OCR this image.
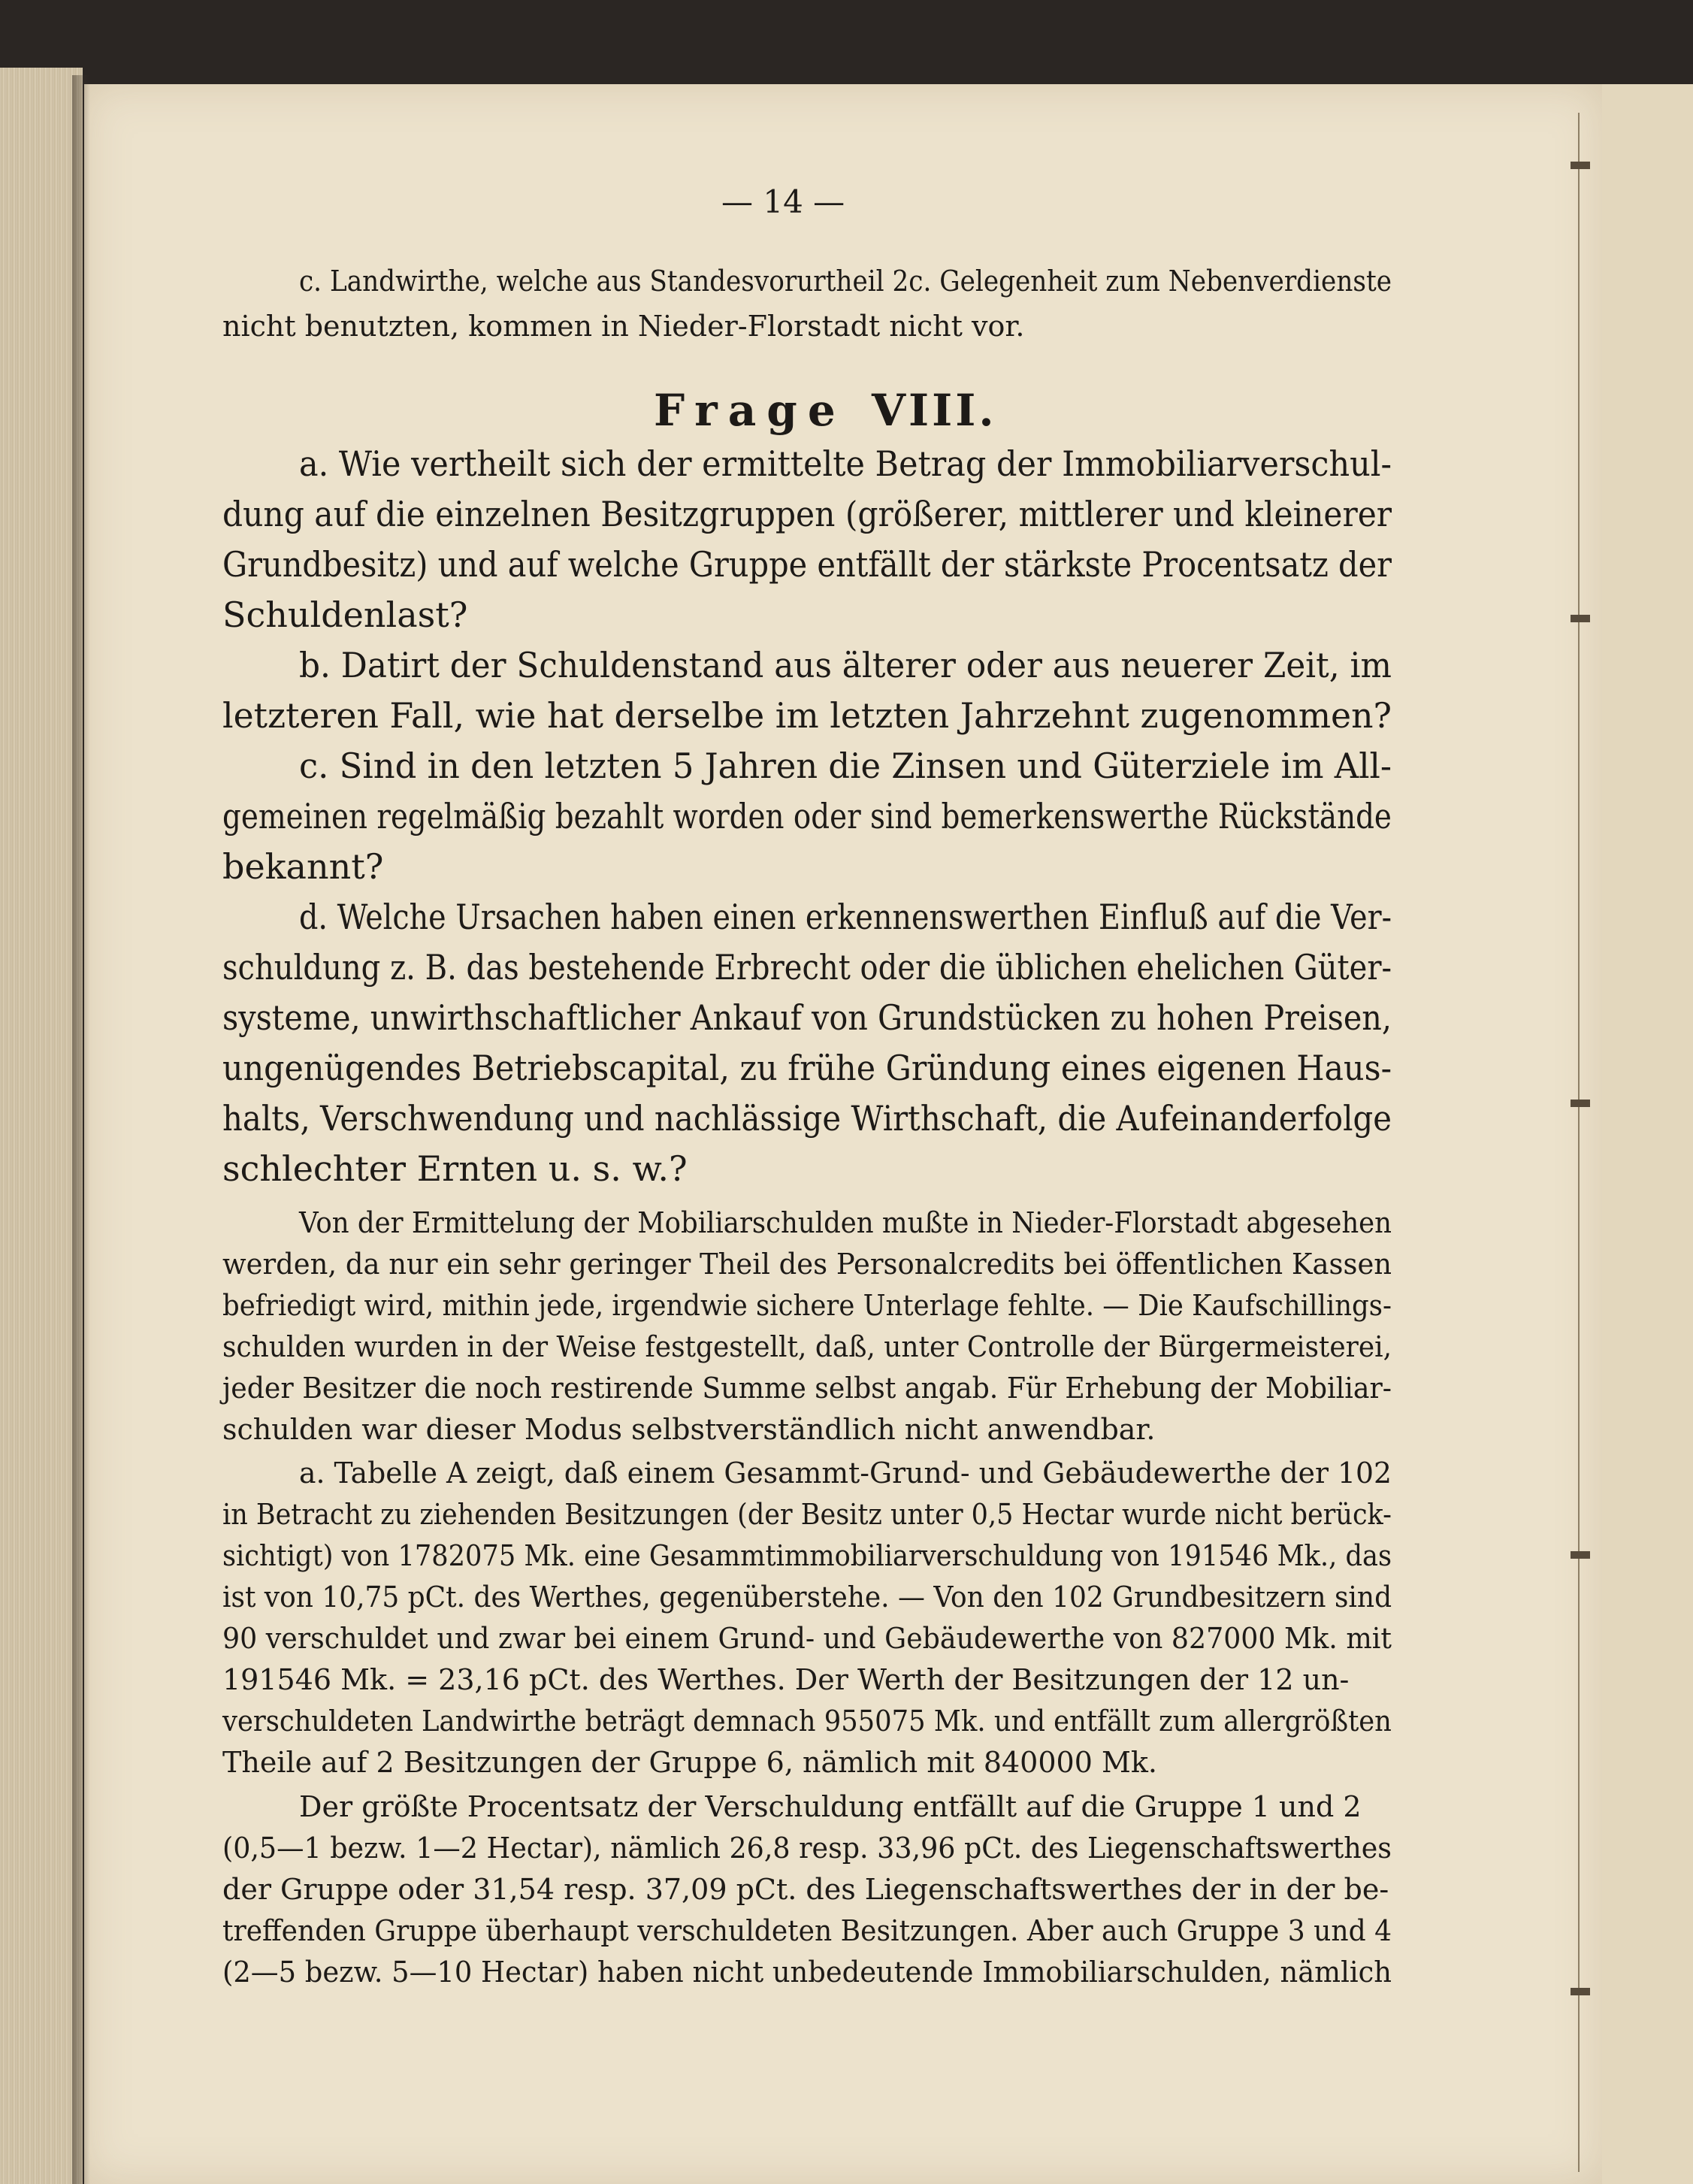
— 14 —
c. Landwirthe, welche aus Standesvorurtheil 2c. Gelegenheit zum Nebenverdienste
nicht benutzten, kommen in Nieder-Florstadt nicht vor.
Frage VIII.
a. Wie vertheilt sich der ermittelte Betrag der Immobiliarverschul-
dung auf die einzelnen Besitzgruppen (größerer, mittlerer und kleinerer
Grundbesitz) und auf welche Gruppe entfällt der stärkste Procentsatz der
Schuldenlast?
b. Datirt der Schuldenstand aus älterer oder aus neuerer Zeit, im
letzteren Fall, wie hat derselbe im letzten Jahrzehnt zugenommen?
c. Sind in den letzten 5 Jahren die Zinsen und Güterziele im All-
gemeinen regelmäßig bezahlt worden oder sind bemerkenswerthe Rückstände
bekannt?
d. Welche Ursachen haben einen erkennenswerthen Einfluß auf die Ver-
schuldung z. B. das bestehende Erbrecht oder die üblichen ehelichen Güter-
systeme, unwirthschaftlicher Ankauf von Grundstücken zu hohen Preisen,
ungenügendes Betriebscapital, zu frühe Gründung eines eigenen Haus-
halts, Verschwendung und nachlässige Wirthschaft, die Aufeinanderfolge
schlechter Ernten u. s. w.?
Von der Ermittelung der Mobiliarschulden mußte in Nieder-Florstadt abgesehen
werden, da nur ein sehr geringer Theil des Personalcredits bei öffentlichen Kassen
befriedigt wird, mithin jede, irgendwie sichere Unterlage fehlte. — Die Kaufschillings-
schulden wurden in der Weise festgestellt, daß, unter Controlle der Bürgermeisterei,
jeder Besitzer die noch restirende Summe selbst angab. Für Erhebung der Mobiliar-
schulden war dieser Modus selbstverständlich nicht anwendbar.
a. Tabelle A zeigt, daß einem Gesammt-Grund- und Gebäudewerthe der 102
in Betracht zu ziehenden Besitzungen (der Besitz unter 0,5 Hectar wurde nicht berück-
sichtigt) von 1782075 Mk. eine Gesammtimmobiliarverschuldung von 191546 Mk., das
ist von 10,75 pCt. des Werthes, gegenüberstehe. — Von den 102 Grundbesitzern sind
90 verschuldet und zwar bei einem Grund- und Gebäudewerthe von 827000 Mk. mit
191546 Mk. = 23,16 pCt. des Werthes. Der Werth der Besitzungen der 12 un-
verschuldeten Landwirthe beträgt demnach 955075 Mk. und entfällt zum allergrößten
Theile auf 2 Besitzungen der Gruppe 6, nämlich mit 840000 Mk.
Der größte Procentsatz der Verschuldung entfällt auf die Gruppe 1 und 2
(0,5—1 bezw. 1—2 Hectar), nämlich 26,8 resp. 33,96 pCt. des Liegenschaftswerthes
der Gruppe oder 31,54 resp. 37,09 pCt. des Liegenschaftswerthes der in der be-
treffenden Gruppe überhaupt verschuldeten Besitzungen. Aber auch Gruppe 3 und 4
(2—5 bezw. 5—10 Hectar) haben nicht unbedeutende Immobiliarschulden, nämlich
